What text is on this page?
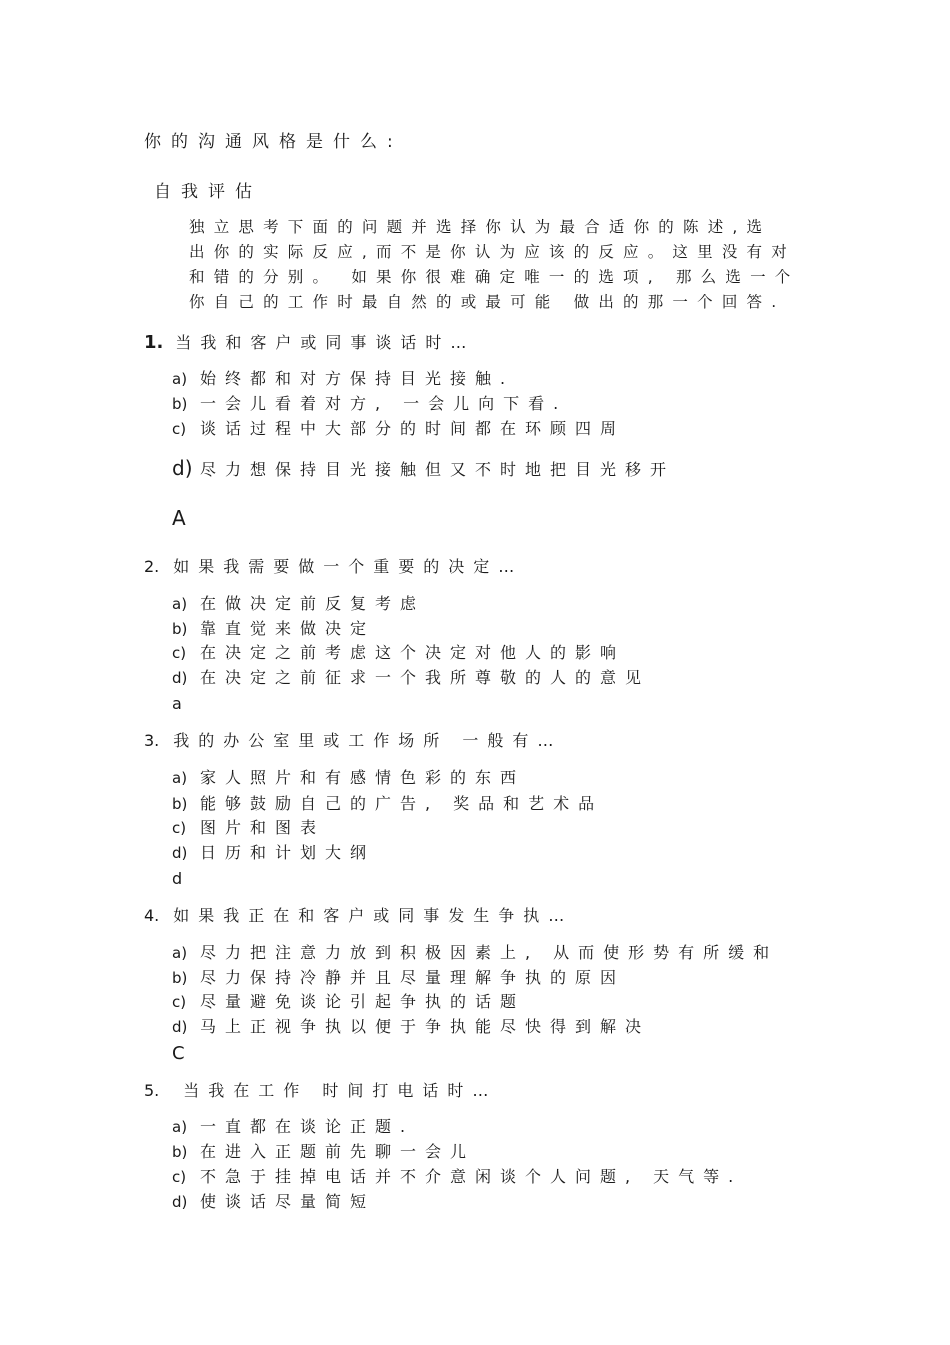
你的沟通风格是什么:
自我评估
独立思考下面的问题并选择你认为最合适你的陈述,选
出你的实际反应,而不是你认为应该的反应。这里没有对
和错的分别。 如果你很难确定唯一的选项, 那么选一个
你自己的工作时最自然的或最可能 做出的那一个回答.
1. 当我和客户或同事谈话时…
a) 始终都和对方保持目光接触.
b) 一会儿看着对方, 一会儿向下看.
c) 谈话过程中大部分的时间都在环顾四周
d) 尽力想保持目光接触但又不时地把目光移开
A
2. 如果我需要做一个重要的决定…
a) 在做决定前反复考虑
b) 靠直觉来做决定
c) 在决定之前考虑这个决定对他人的影响
d) 在决定之前征求一个我所尊敬的人的意见
a
3. 我的办公室里或工作场所 一般有…
a) 家人照片和有感情色彩的东西
b) 能够鼓励自己的广告, 奖品和艺术品
c) 图片和图表
d) 日历和计划大纲
d
4. 如果我正在和客户或同事发生争执…
a) 尽力把注意力放到积极因素上, 从而使形势有所缓和
b) 尽力保持冷静并且尽量理解争执的原因
c) 尽量避免谈论引起争执的话题
d) 马上正视争执以便于争执能尽快得到解决
C
5. 当我在工作 时间打电话时…
a) 一直都在谈论正题.
b) 在进入正题前先聊一会儿
c) 不急于挂掉电话并不介意闲谈个人问题, 天气等.
d) 使谈话尽量简短
